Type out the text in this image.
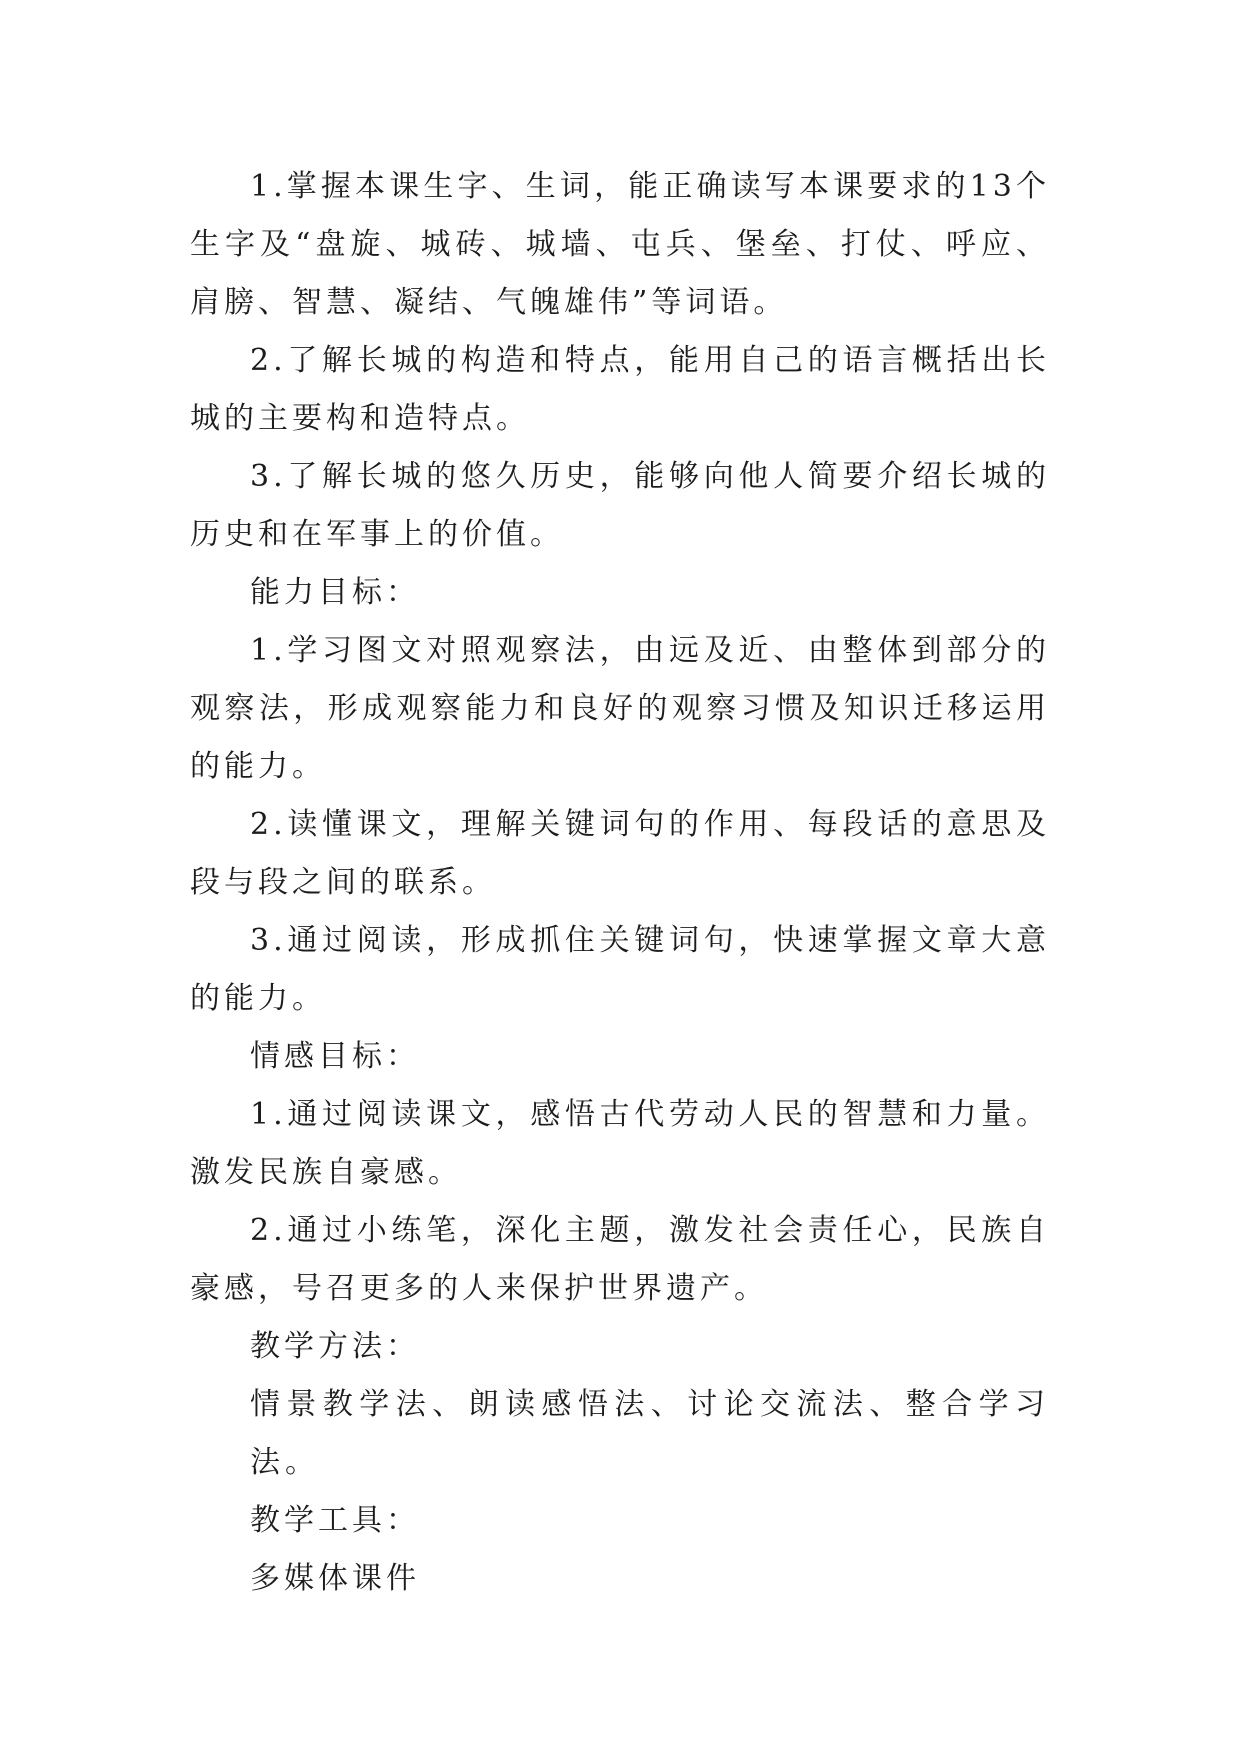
1.掌握本课生字、生词，能正确读写本课要求的13个生字及“盘旋、城砖、城墙、屯兵、堡垒、打仗、呼应、肩膀、智慧、凝结、气魄雄伟”等词语。

2.了解长城的构造和特点，能用自己的语言概括出长城的主要构和造特点。

3.了解长城的悠久历史，能够向他人简要介绍长城的历史和在军事上的价值。

能力目标：

1.学习图文对照观察法，由远及近、由整体到部分的观察法，形成观察能力和良好的观察习惯及知识迁移运用的能力。

2.读懂课文，理解关键词句的作用、每段话的意思及段与段之间的联系。

3.通过阅读，形成抓住关键词句，快速掌握文章大意的能力。

情感目标：

1.通过阅读课文，感悟古代劳动人民的智慧和力量。激发民族自豪感。

2.通过小练笔，深化主题，激发社会责任心，民族自豪感，号召更多的人来保护世界遗产。

教学方法：

情景教学法、朗读感悟法、讨论交流法、整合学习法。

教学工具：

多媒体课件
